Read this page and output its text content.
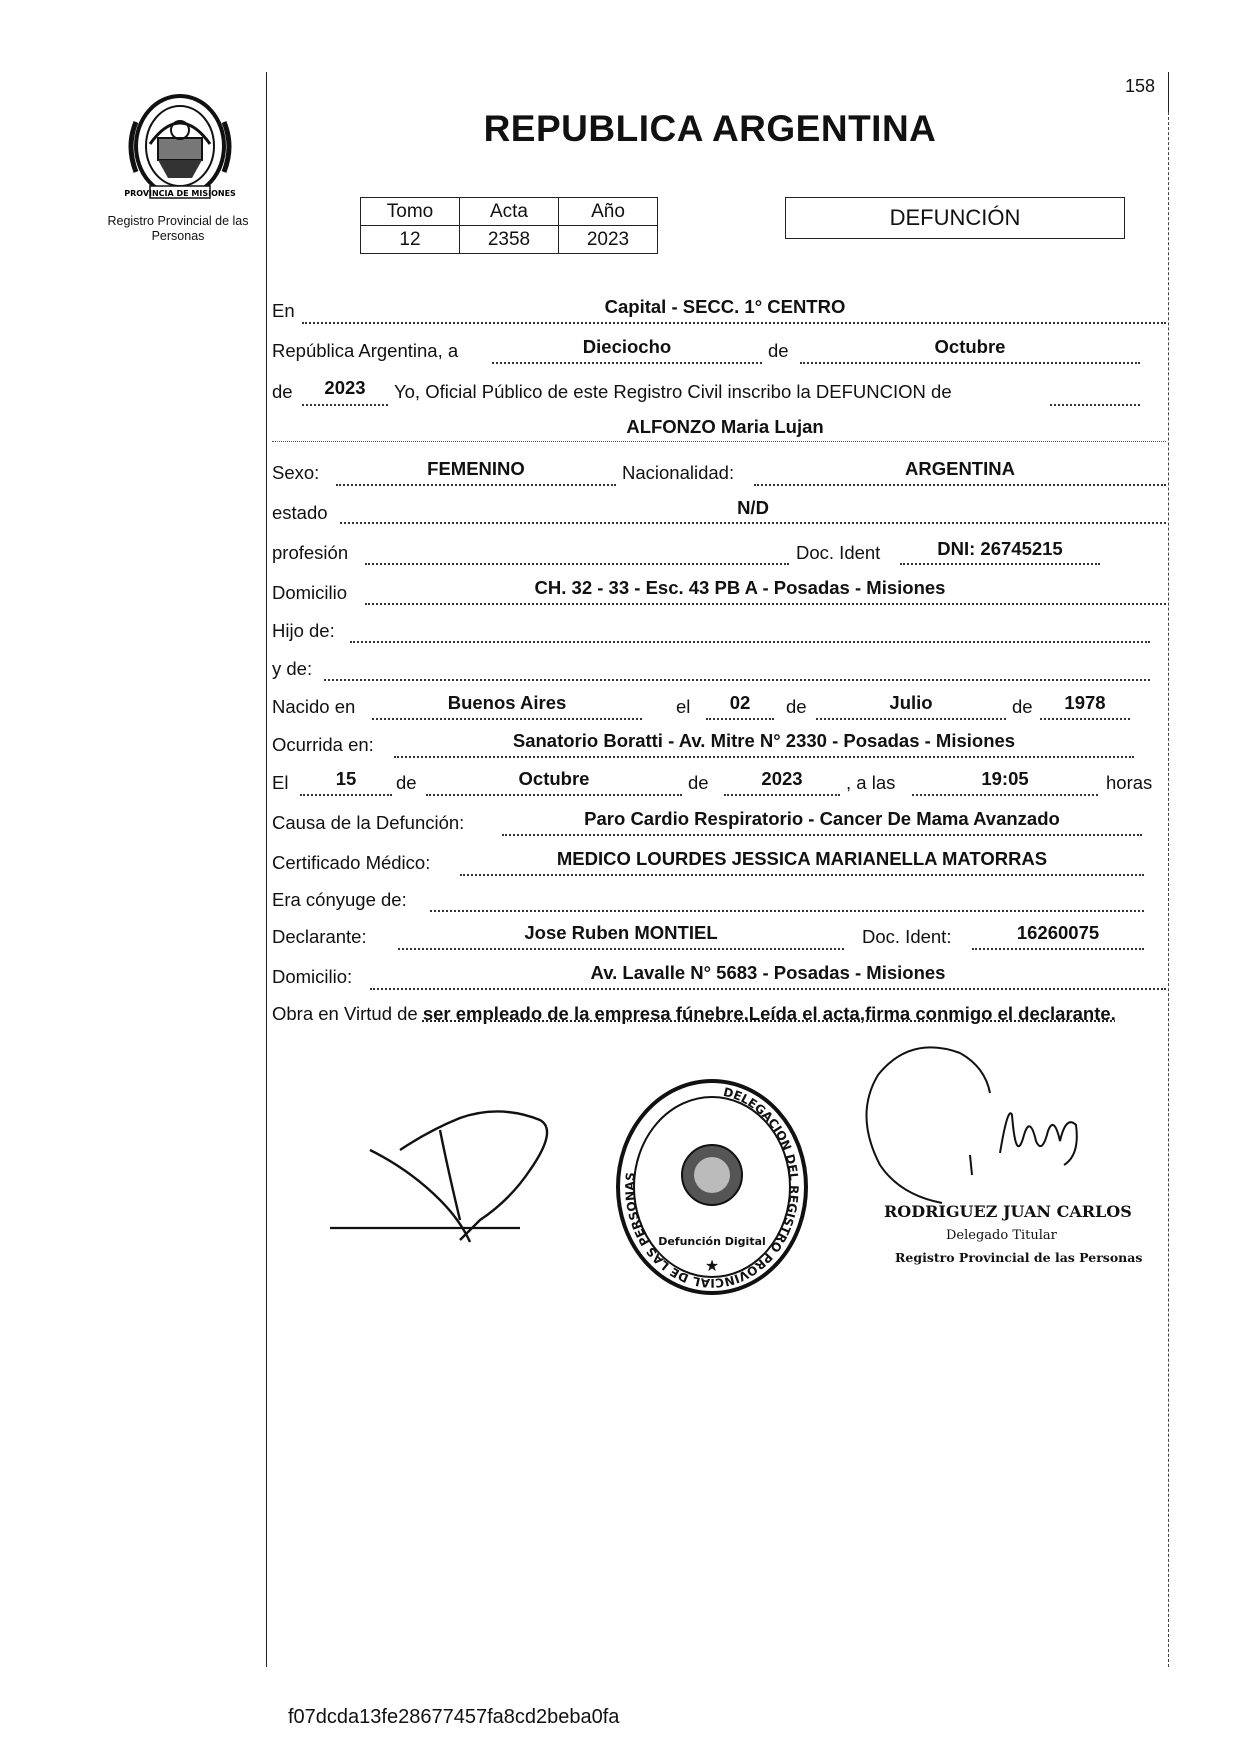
PROVINCIA DE MISIONES
Registro Provincial de las Personas
158
REPUBLICA ARGENTINA
Tomo	Acta	Año
12	2358	2023
DEFUNCIÓN
En	Capital - SECC. 1° CENTRO
República Argentina, a	Dieciocho	de	Octubre
de	2023	Yo, Oficial Público de este Registro Civil inscribo la DEFUNCION de
ALFONZO Maria Lujan
Sexo:	FEMENINO	Nacionalidad:	ARGENTINA
estado	N/D
profesión	Doc. Ident	DNI: 26745215
Domicilio	CH. 32 - 33 - Esc. 43 PB A - Posadas - Misiones
Hijo de:
y de:
Nacido en	Buenos Aires	el	02	de	Julio	de	1978
Ocurrida en:	Sanatorio Boratti - Av. Mitre N° 2330 - Posadas - Misiones
El	15	de	Octubre	de	2023	, a las	19:05	horas
Causa de la Defunción:	Paro Cardio Respiratorio - Cancer De Mama Avanzado
Certificado Médico:	MEDICO LOURDES JESSICA MARIANELLA MATORRAS
Era cónyuge de:
Declarante:	Jose Ruben MONTIEL	Doc. Ident:	16260075
Domicilio:	Av. Lavalle N° 5683 - Posadas - Misiones
Obra en Virtud de ser empleado de la empresa fúnebre.Leída el acta,firma conmigo el declarante.
DELEGACION DEL REGISTRO PROVINCIAL DE LAS PERSONAS
Defunción Digital
★
RODRIGUEZ JUAN CARLOS
Delegado Titular
Registro Provincial de las Personas
f07dcda13fe28677457fa8cd2beba0fa
